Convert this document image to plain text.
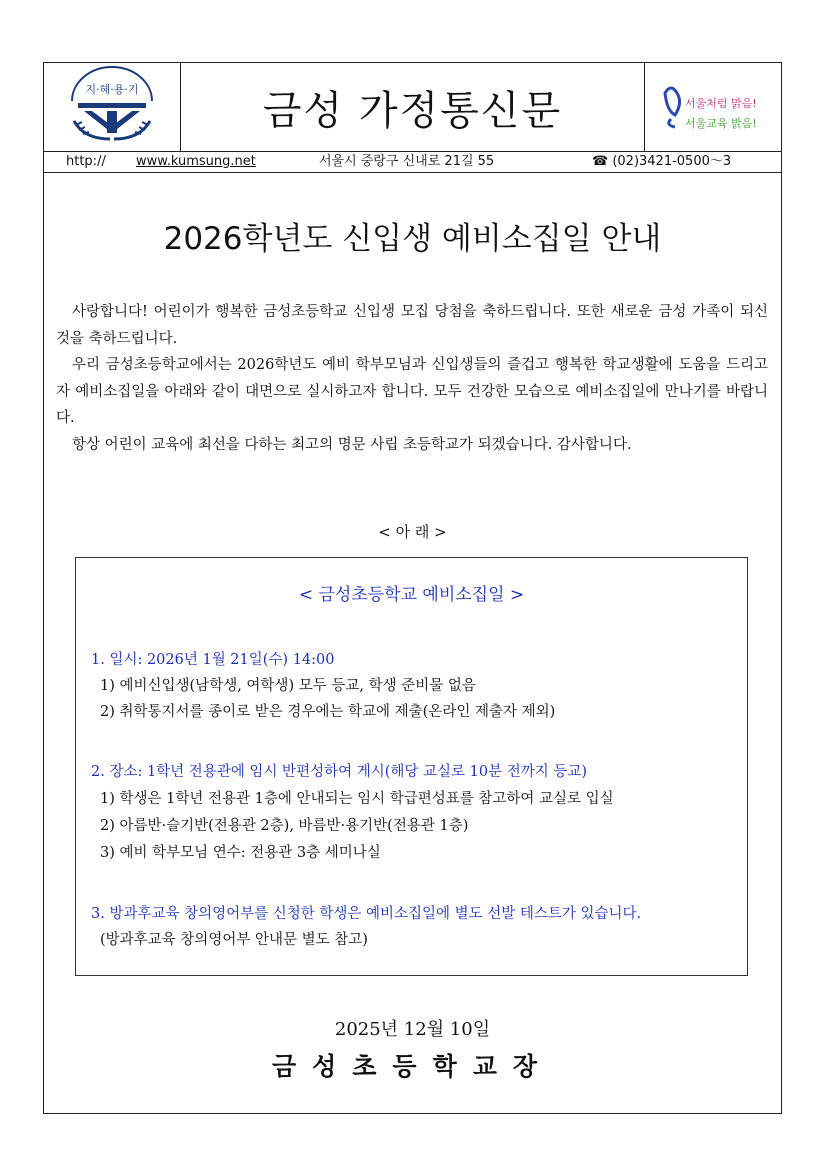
지·혜·용·기	금성 가정통신문	서울처럼 맑음!
서울교육 밝음!
http:// www.kumsung.net	서울시 중랑구 신내로 21길 55	☎ (02)3421-0500～3
2026학년도 신입생 예비소집일 안내

사랑합니다! 어린이가 행복한 금성초등학교 신입생 모집 당첨을 축하드립니다. 또한 새로운 금성 가족이 되신 것을 축하드립니다.

우리 금성초등학교에서는 2026학년도 예비 학부모님과 신입생들의 즐겁고 행복한 학교생활에 도움을 드리고자 예비소집일을 아래와 같이 대면으로 실시하고자 합니다. 모두 건강한 모습으로 예비소집일에 만나기를 바랍니다.

항상 어린이 교육에 최선을 다하는 최고의 명문 사립 초등학교가 되겠습니다. 감사합니다.

< 아 래 >
< 금성초등학교 예비소집일 >
1. 일시: 2026년 1월 21일(수) 14:00
1) 예비신입생(남학생, 여학생) 모두 등교, 학생 준비물 없음
2) 취학통지서를 종이로 받은 경우에는 학교에 제출(온라인 제출자 제외)
2. 장소: 1학년 전용관에 임시 반편성하여 게시(해당 교실로 10분 전까지 등교)
1) 학생은 1학년 전용관 1층에 안내되는 임시 학급편성표를 참고하여 교실로 입실
2) 아름반·슬기반(전용관 2층), 바름반·용기반(전용관 1층)
3) 예비 학부모님 연수: 전용관 3층 세미나실
3. 방과후교육 창의영어부를 신청한 학생은 예비소집일에 별도 선발 테스트가 있습니다.
(방과후교육 창의영어부 안내문 별도 참고)
2025년 12월 10일
금성초등학교장
